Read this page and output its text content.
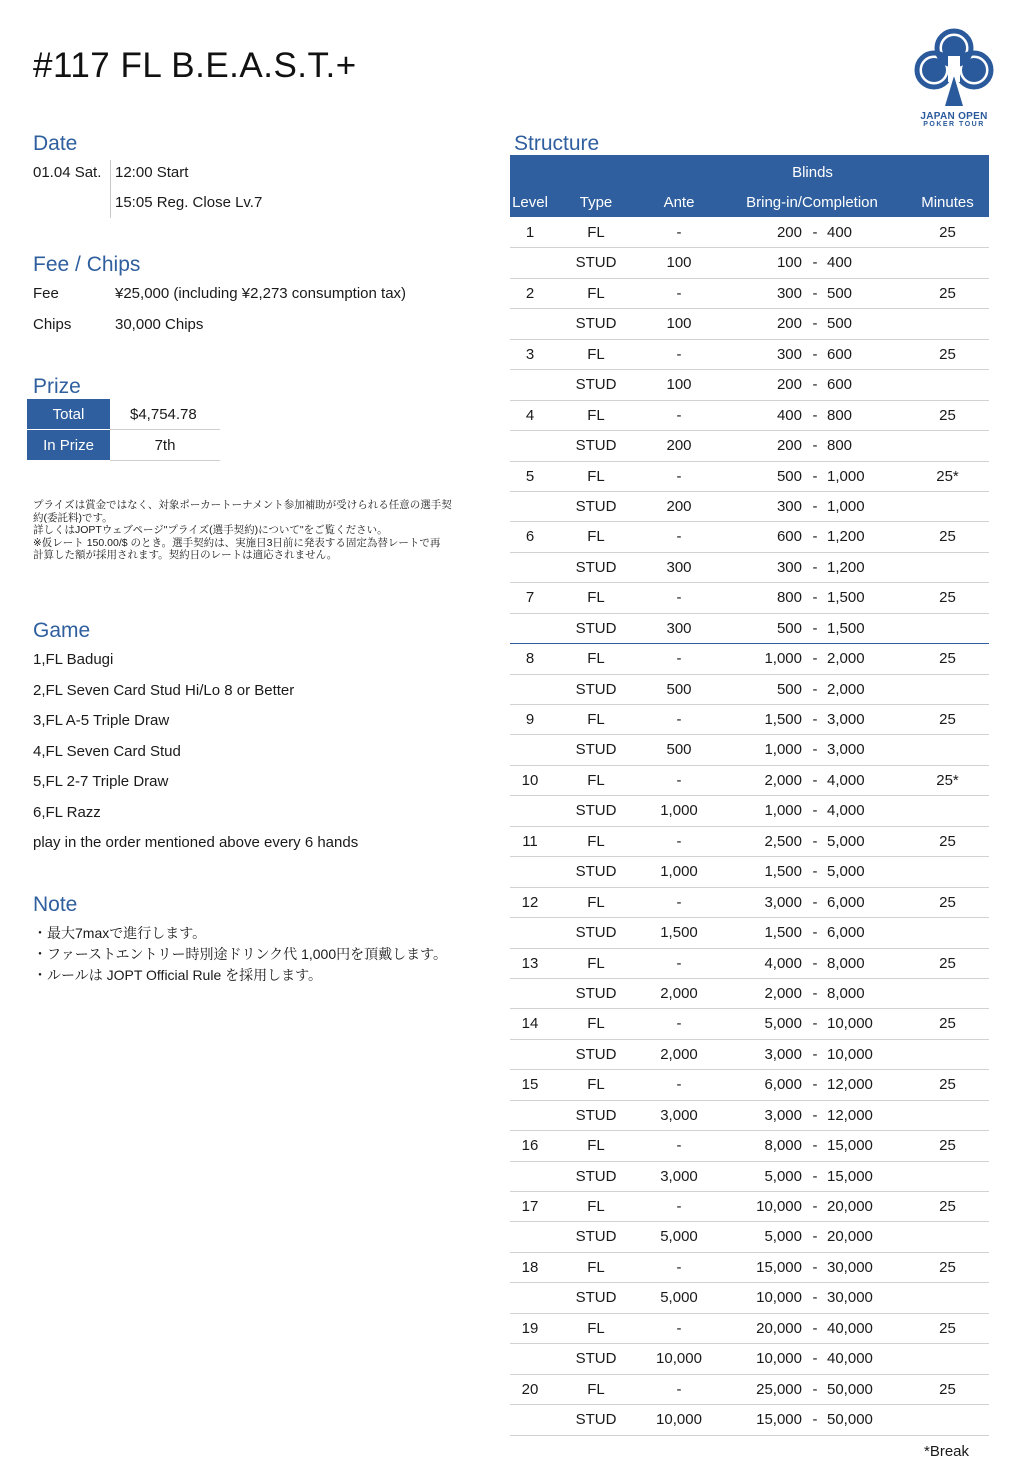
#117 FL B.E.A.S.T.+
JAPAN OPEN
POKER TOUR
Date
01.04 Sat. 12:00 Start
15:05 Reg. Close Lv.7
Fee / Chips
Fee	¥25,000 (including ¥2,273 consumption tax)
Chips	30,000 Chips
Prize
Total	$4,754.78
In Prize	7th
プライズは賞金ではなく、対象ポーカートーナメント参加補助が受けられる任意の選手契
約(委託料)です。
詳しくはJOPTウェブページ"プライズ(選手契約)について"をご覧ください。
※仮レート 150.00/$ のとき。選手契約は、実施日3日前に発表する固定為替レートで再
計算した額が採用されます。契約日のレートは適応されません。
Game
1,FL Badugi
2,FL Seven Card Stud Hi/Lo 8 or Better
3,FL A-5 Triple Draw
4,FL Seven Card Stud
5,FL 2-7 Triple Draw
6,FL Razz
play in the order mentioned above every 6 hands
Note
・最大7maxで進行します。
・ファーストエントリー時別途ドリンク代 1,000円を頂戴します。
・ルールは JOPT Official Rule を採用します。
Structure
Blinds
Level	Type	Ante	Bring-in/Completion	Minutes
1	FL	-	200 - 400	25
STUD	100	100 - 400
2	FL	-	300 - 500	25
STUD	100	200 - 500
3	FL	-	300 - 600	25
STUD	100	200 - 600
4	FL	-	400 - 800	25
STUD	200	200 - 800
5	FL	-	500 - 1,000	25*
STUD	200	300 - 1,000
6	FL	-	600 - 1,200	25
STUD	300	300 - 1,200
7	FL	-	800 - 1,500	25
STUD	300	500 - 1,500
8	FL	-	1,000 - 2,000	25
STUD	500	500 - 2,000
9	FL	-	1,500 - 3,000	25
STUD	500	1,000 - 3,000
10	FL	-	2,000 - 4,000	25*
STUD	1,000	1,000 - 4,000
11	FL	-	2,500 - 5,000	25
STUD	1,000	1,500 - 5,000
12	FL	-	3,000 - 6,000	25
STUD	1,500	1,500 - 6,000
13	FL	-	4,000 - 8,000	25
STUD	2,000	2,000 - 8,000
14	FL	-	5,000 - 10,000	25
STUD	2,000	3,000 - 10,000
15	FL	-	6,000 - 12,000	25
STUD	3,000	3,000 - 12,000
16	FL	-	8,000 - 15,000	25
STUD	3,000	5,000 - 15,000
17	FL	-	10,000 - 20,000	25
STUD	5,000	5,000 - 20,000
18	FL	-	15,000 - 30,000	25
STUD	5,000	10,000 - 30,000
19	FL	-	20,000 - 40,000	25
STUD	10,000	10,000 - 40,000
20	FL	-	25,000 - 50,000	25
STUD	10,000	15,000 - 50,000
*Break
